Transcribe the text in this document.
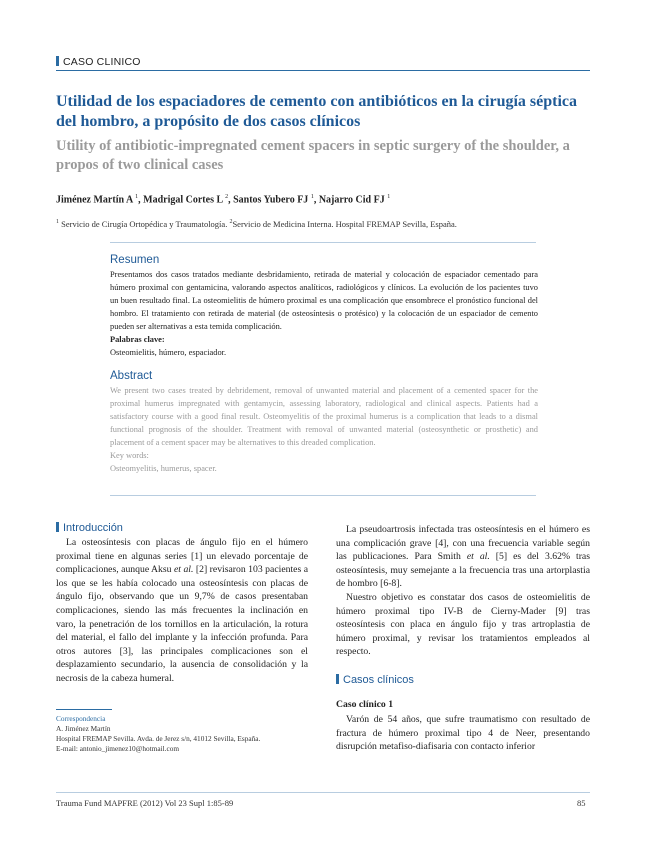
CASO CLINICO
Utilidad de los espaciadores de cemento con antibióticos en la cirugía séptica del hombro, a propósito de dos casos clínicos
Utility of antibiotic-impregnated cement spacers in septic surgery of the shoulder, a propos of two clinical cases
Jiménez Martín A $^1$, Madrigal Cortes L $^2$, Santos Yubero FJ $^1$, Najarro Cid FJ $^1$
$^1$ Servicio de Cirugía Ortopédica y Traumatología. $^2$Servicio de Medicina Interna. Hospital FREMAP Sevilla, España.
Resumen
Presentamos dos casos tratados mediante desbridamiento, retirada de material y colocación de espaciador cementado para húmero proximal con gentamicina, valorando aspectos analíticos, radiológicos y clínicos. La evolución de los pacientes tuvo un buen resultado final. La osteomielitis de húmero proximal es una complicación que ensombrece el pronóstico funcional del hombro. El tratamiento con retirada de material (de osteosíntesis o protésico) y la colocación de un espaciador de cemento pueden ser alternativas a esta temida complicación.
Palabras clave:
Osteomielitis, húmero, espaciador.
Abstract
We present two cases treated by debridement, removal of unwanted material and placement of a cemented spacer for the proximal humerus impregnated with gentamycin, assessing laboratory, radiological and clinical aspects. Patients had a satisfactory course with a good final result. Osteomyelitis of the proximal humerus is a complication that leads to a dismal functional prognosis of the shoulder. Treatment with removal of unwanted material (osteosynthetic or prosthetic) and placement of a cement spacer may be alternatives to this dreaded complication.
Key words:
Osteomyelitis, humerus, spacer.
Introducción

La osteosíntesis con placas de ángulo fijo en el húmero proximal tiene en algunas series [1] un elevado porcentaje de complicaciones, aunque Aksu et al. [2] revisaron 103 pacientes a los que se les había colocado una osteosíntesis con placas de ángulo fijo, observando que un 9,7% de casos presentaban complicaciones, siendo las más frecuentes la inclinación en varo, la penetración de los tornillos en la articulación, la rotura del material, el fallo del implante y la infección profunda. Para otros autores [3], las principales complicaciones son el desplazamiento secundario, la ausencia de consolidación y la necrosis de la cabeza humeral.

La pseudoartrosis infectada tras osteosíntesis en el húmero es una complicación grave [4], con una frecuencia variable según las publicaciones. Para Smith et al. [5] es del 3.62% tras osteosíntesis, muy semejante a la frecuencia tras una artorplastia de hombro [6-8].

Nuestro objetivo es constatar dos casos de osteomielitis de húmero proximal tipo IV-B de Cierny-Mader [9] tras osteosíntesis con placa en ángulo fijo y tras artroplastia de húmero proximal, y revisar los tratamientos empleados al respecto.

Casos clínicos
Caso clínico 1

Varón de 54 años, que sufre traumatismo con resultado de fractura de húmero proximal tipo 4 de Neer, presentando disrupción metafiso-diafisaria con contacto inferior

Correspondencia
A. Jiménez Martín
Hospital FREMAP Sevilla. Avda. de Jerez s/n, 41012 Sevilla, España.
E-mail: antonio_jimenez10@hotmail.com
Trauma Fund MAPFRE (2012) Vol 23 Supl 1:85-89	85
